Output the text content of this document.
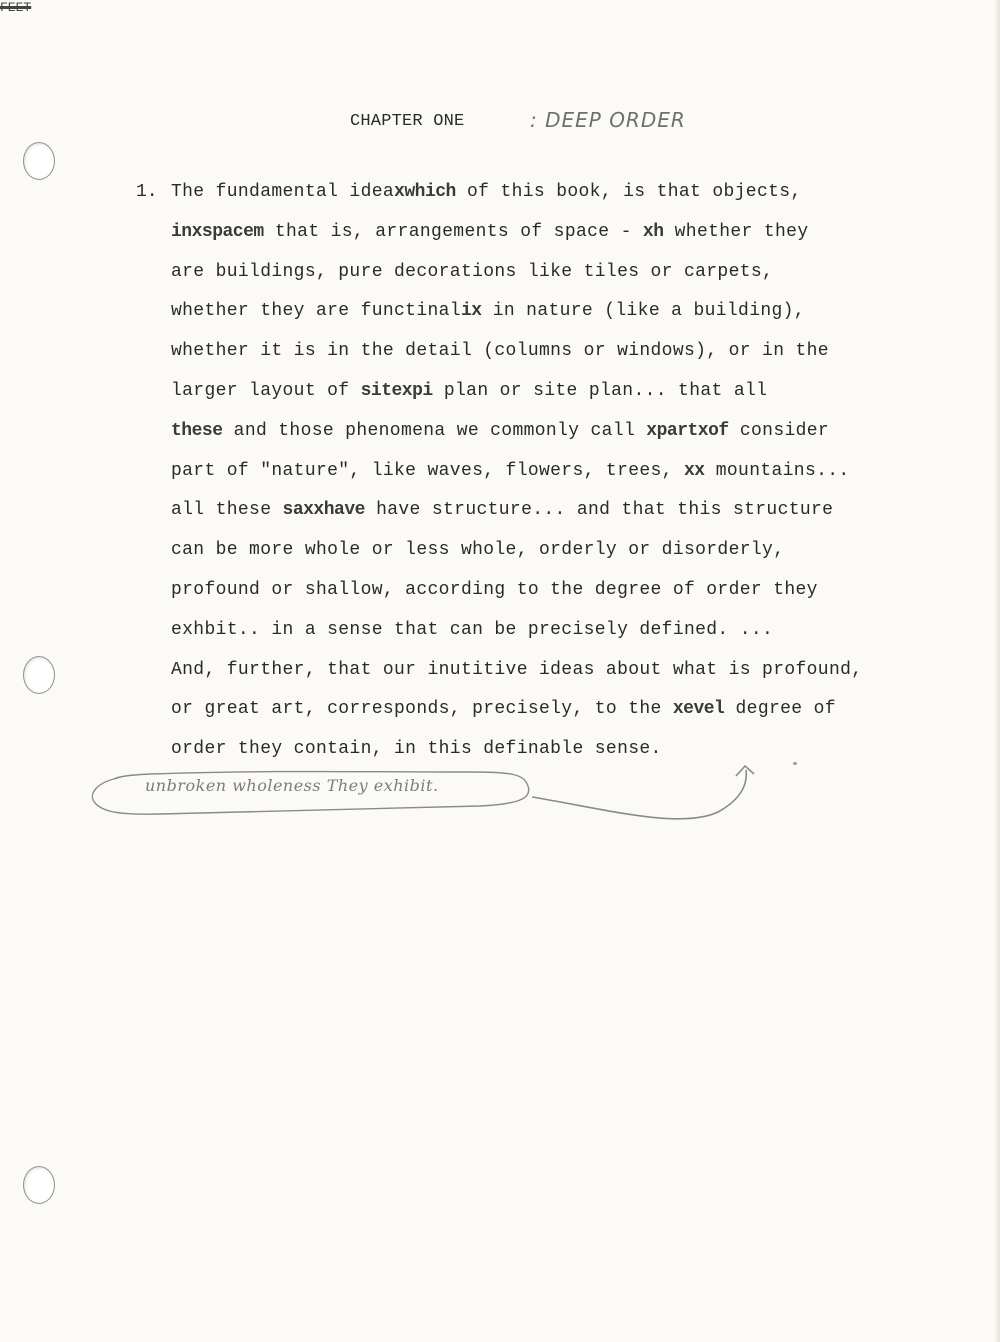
FEET
CHAPTER ONE	: DEEP ORDER
1. The fundamental ideaxwhich of this book, is that objects,
inxspacem that is, arrangements of space - xh whether they
are buildings, pure decorations like tiles or carpets,
whether they are functinalix in nature (like a building),
whether it is in the detail (columns or windows), or in the
larger layout of sitexpi plan or site plan... that all
these and those phenomena we commonly call xpartxof consider
part of "nature", like waves, flowers, trees, xx mountains...
all these saxxhave have structure... and that this structure
can be more whole or less whole, orderly or disorderly,
profound or shallow, according to the degree of order they
exhbit.. in a sense that can be precisely defined. ...
And, further, that our inutitive ideas about what is profound,
or great art, corresponds, precisely, to the xevel degree of
order they contain, in this definable sense.
unbroken wholeness They exhibit.
